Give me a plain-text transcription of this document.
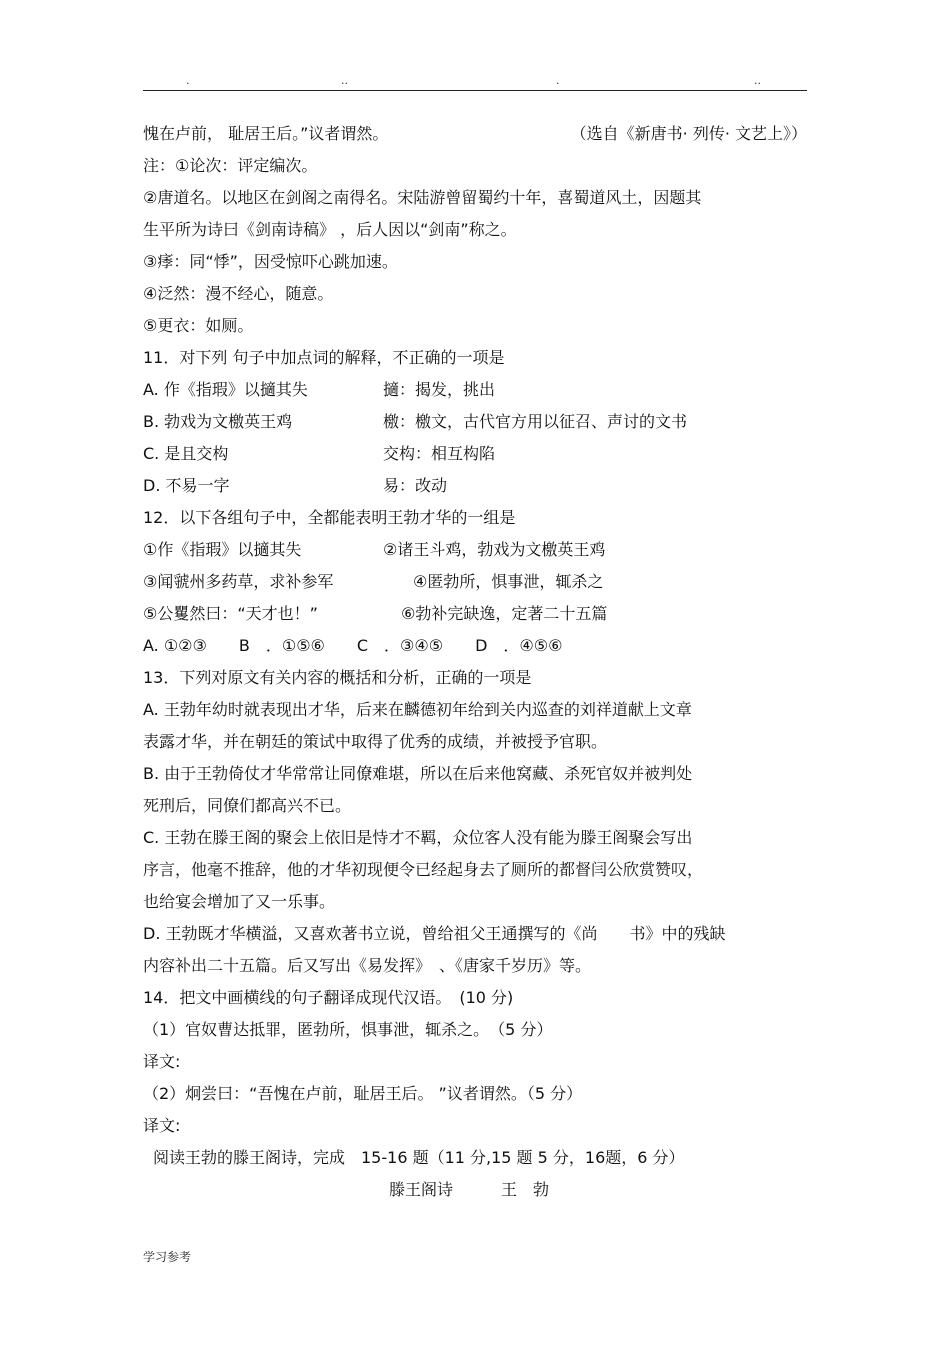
.	..	.	..
愧在卢前， 耻居王后。”议者谓然。	（选自《新唐书· 列传· 文艺上》）
注：①论次：评定编次。
②唐道名。以地区在剑阁之南得名。宋陆游曾留蜀约十年，喜蜀道风土，因题其
生平所为诗曰《剑南诗稿》 ，后人因以“剑南”称之。
③痵：同“悸”，因受惊吓心跳加速。
④泛然：漫不经心，随意。
⑤更衣：如厕。
11．对下列 句子中加点词的解释，不正确的一项是
A. 作《指瑕》以擿其失	擿：揭发，挑出
B. 勃戏为文檄英王鸡	檄：檄文，古代官方用以征召、声讨的文书
C. 是且交构	交构：相互构陷
D. 不易一字	易：改动
12．以下各组句子中，全都能表明王勃才华的一组是
①作《指瑕》以擿其失	②诸王斗鸡，勃戏为文檄英王鸡
③闻虢州多药草，求补参军	④匿勃所，惧事泄，辄杀之
⑤公矍然曰：“天才也！”	⑥勃补完缺逸，定著二十五篇
A. ①②③　　B　．①⑤⑥　　C　．③④⑤　　D　．④⑤⑥
13．下列对原文有关内容的概括和分析，正确的一项是
A. 王勃年幼时就表现出才华，后来在麟德初年给到关内巡查的刘祥道献上文章
表露才华，并在朝廷的策试中取得了优秀的成绩，并被授予官职。
B. 由于王勃倚仗才华常常让同僚难堪，所以在后来他窝藏、杀死官奴并被判处
死刑后，同僚们都高兴不已。
C. 王勃在滕王阁的聚会上依旧是恃才不羁，众位客人没有能为滕王阁聚会写出
序言，他毫不推辞，他的才华初现便令已经起身去了厕所的都督闫公欣赏赞叹，
也给宴会增加了又一乐事。
D. 王勃既才华横溢，又喜欢著书立说，曾给祖父王通撰写的《尚　　书》中的残缺
内容补出二十五篇。后又写出《易发挥》　、《唐家千岁历》等。
14．把文中画横线的句子翻译成现代汉语。　(10 分)
（1）官奴曹达抵罪，匿勃所，惧事泄，辄杀之。　（5 分）
译文:
（2）炯尝曰：“吾愧在卢前，耻居王后。 ”议者谓然。（5 分）
译文:
阅读王勃的滕王阁诗，完成　15-16 题（11 分,15 题 5 分，16题，6 分）
滕王阁诗　　　王　勃
学习参考
